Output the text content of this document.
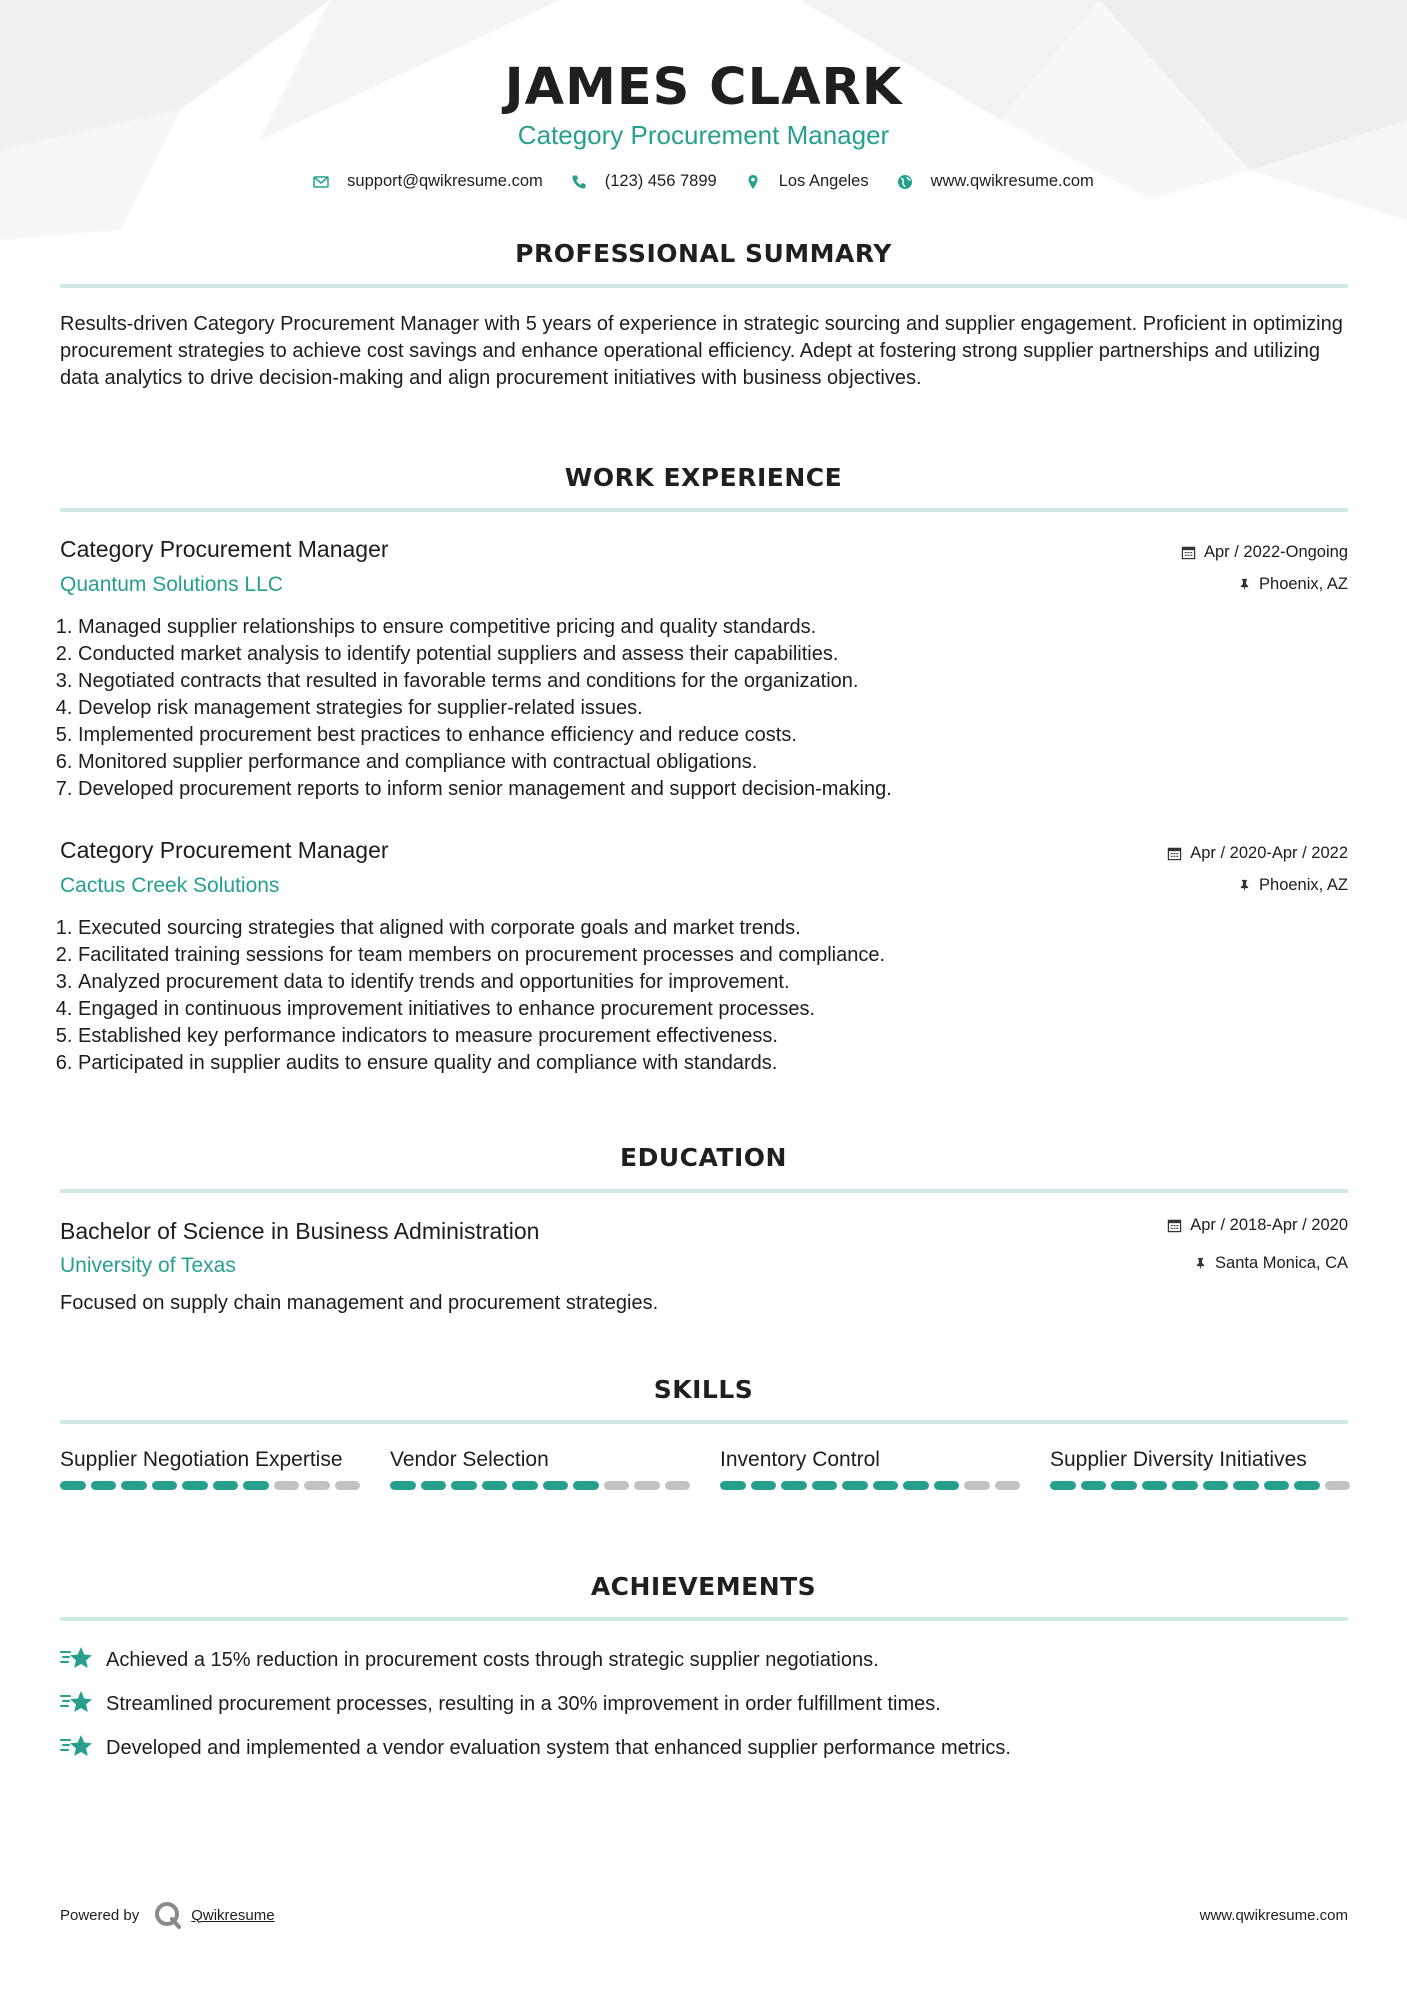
JAMES CLARK
Category Procurement Manager
support@qwikresume.com	(123) 456 7899	Los Angeles	www.qwikresume.com
PROFESSIONAL SUMMARY
Results-driven Category Procurement Manager with 5 years of experience in strategic sourcing and supplier engagement. Proficient in optimizing procurement strategies to achieve cost savings and enhance operational efficiency. Adept at fostering strong supplier partnerships and utilizing data analytics to drive decision-making and align procurement initiatives with business objectives.
WORK EXPERIENCE
Category Procurement Manager
Quantum Solutions LLC
Apr / 2022-Ongoing
Phoenix, AZ
1. Managed supplier relationships to ensure competitive pricing and quality standards.
2. Conducted market analysis to identify potential suppliers and assess their capabilities.
3. Negotiated contracts that resulted in favorable terms and conditions for the organization.
4. Develop risk management strategies for supplier-related issues.
5. Implemented procurement best practices to enhance efficiency and reduce costs.
6. Monitored supplier performance and compliance with contractual obligations.
7. Developed procurement reports to inform senior management and support decision-making.
Category Procurement Manager
Cactus Creek Solutions
Apr / 2020-Apr / 2022
Phoenix, AZ
1. Executed sourcing strategies that aligned with corporate goals and market trends.
2. Facilitated training sessions for team members on procurement processes and compliance.
3. Analyzed procurement data to identify trends and opportunities for improvement.
4. Engaged in continuous improvement initiatives to enhance procurement processes.
5. Established key performance indicators to measure procurement effectiveness.
6. Participated in supplier audits to ensure quality and compliance with standards.
EDUCATION
Bachelor of Science in Business Administration
University of Texas
Apr / 2018-Apr / 2020
Santa Monica, CA
Focused on supply chain management and procurement strategies.
SKILLS
Supplier Negotiation Expertise	Vendor Selection	Inventory Control	Supplier Diversity Initiatives
ACHIEVEMENTS
Achieved a 15% reduction in procurement costs through strategic supplier negotiations.
Streamlined procurement processes, resulting in a 30% improvement in order fulfillment times.
Developed and implemented a vendor evaluation system that enhanced supplier performance metrics.
Powered by	Qwikresume	www.qwikresume.com
